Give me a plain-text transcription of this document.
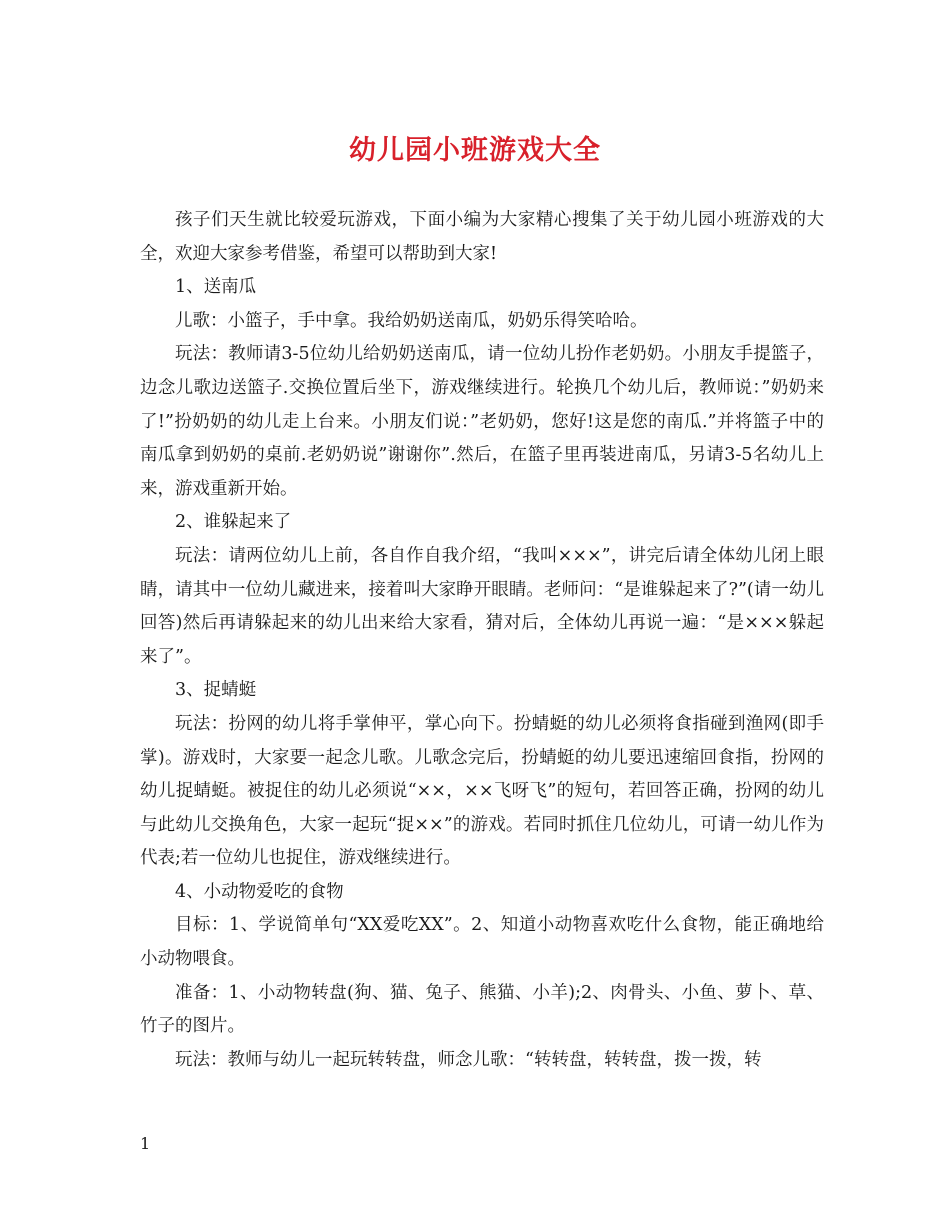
幼儿园小班游戏大全

孩子们天生就比较爱玩游戏，下面小编为大家精心搜集了关于幼儿园小班游戏的大全，欢迎大家参考借鉴，希望可以帮助到大家!

1、送南瓜

儿歌：小篮子，手中拿。我给奶奶送南瓜，奶奶乐得笑哈哈。

玩法：教师请3-5位幼儿给奶奶送南瓜，请一位幼儿扮作老奶奶。小朋友手提篮子，边念儿歌边送篮子.交换位置后坐下，游戏继续进行。轮换几个幼儿后，教师说：”奶奶来了!”扮奶奶的幼儿走上台来。小朋友们说：”老奶奶，您好!这是您的南瓜.”并将篮子中的南瓜拿到奶奶的桌前.老奶奶说”谢谢你”.然后，在篮子里再装进南瓜，另请3-5名幼儿上来，游戏重新开始。

2、谁躲起来了

玩法：请两位幼儿上前，各自作自我介绍，“我叫×××”，讲完后请全体幼儿闭上眼睛，请其中一位幼儿藏进来，接着叫大家睁开眼睛。老师问：“是谁躲起来了?”(请一幼儿回答)然后再请躲起来的幼儿出来给大家看，猜对后，全体幼儿再说一遍：“是×××躲起来了”。

3、捉蜻蜓

玩法：扮网的幼儿将手掌伸平，掌心向下。扮蜻蜓的幼儿必须将食指碰到渔网(即手掌)。游戏时，大家要一起念儿歌。儿歌念完后，扮蜻蜓的幼儿要迅速缩回食指，扮网的幼儿捉蜻蜓。被捉住的幼儿必须说“××，××飞呀飞”的短句，若回答正确，扮网的幼儿与此幼儿交换角色，大家一起玩“捉××”的游戏。若同时抓住几位幼儿，可请一幼儿作为代表;若一位幼儿也捉住，游戏继续进行。

4、小动物爱吃的食物

目标：1、学说简单句“XX爱吃XX”。2、知道小动物喜欢吃什么食物，能正确地给小动物喂食。

准备：1、小动物转盘(狗、猫、兔子、熊猫、小羊);2、肉骨头、小鱼、萝卜、草、竹子的图片。

玩法：教师与幼儿一起玩转转盘，师念儿歌：“转转盘，转转盘，拨一拨，转

1
